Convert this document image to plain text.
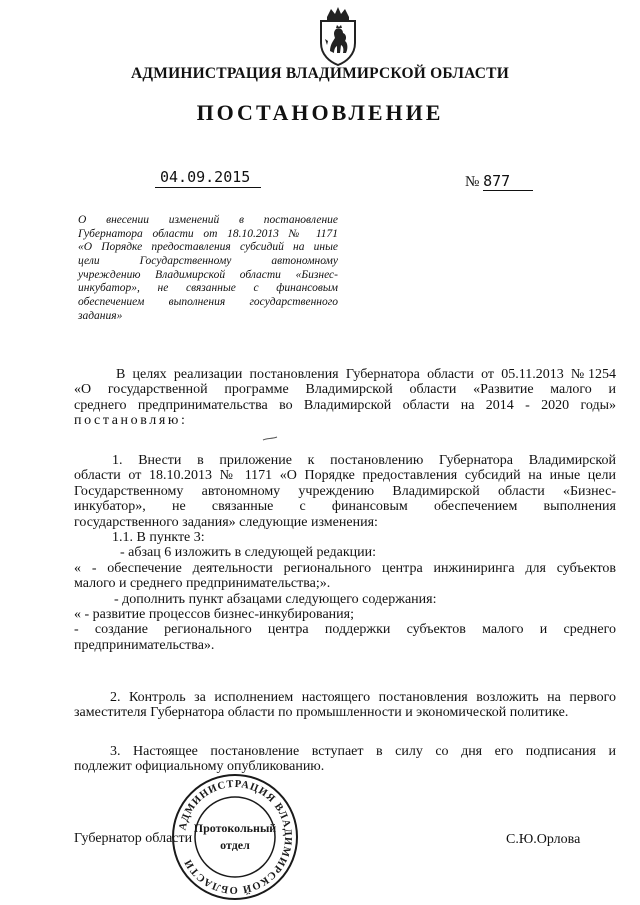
АДМИНИСТРАЦИЯ ВЛАДИМИРСКОЙ ОБЛАСТИ
ПОСТАНОВЛЕНИЕ
04.09.2015	№ 877
О внесении изменений в постановление
Губернатора области от 18.10.2013 № 1171
«О Порядке предоставления субсидий на иные
цели Государственному автономному
учреждению Владимирской области «Бизнес-
инкубатор», не связанные с финансовым
обеспечением выполнения государственного
задания»
В целях реализации постановления Губернатора области от 05.11.2013 №1254
«О государственной программе Владимирской области «Развитие малого и
среднего предпринимательства во Владимирской области на 2014 - 2020 годы»
постановляю:
1. Внести в приложение к постановлению Губернатора Владимирской
области от 18.10.2013 № 1171 «О Порядке предоставления субсидий на иные цели
Государственному автономному учреждению Владимирской области «Бизнес-
инкубатор», не связанные с финансовым обеспечением выполнения
государственного задания» следующие изменения:
1.1. В пункте 3:
- абзац 6 изложить в следующей редакции:
« - обеспечение деятельности регионального центра инжиниринга для субъектов
малого и среднего предпринимательства;».
- дополнить пункт абзацами следующего содержания:
« - развитие процессов бизнес-инкубирования;
- создание регионального центра поддержки субъектов малого и среднего
предпринимательства».
2. Контроль за исполнением настоящего постановления возложить на первого
заместителя Губернатора области по промышленности и экономической политике.
3. Настоящее постановление вступает в силу со дня его подписания и
подлежит официальному опубликованию.
Губернатор области	С.Ю.Орлова
АДМИНИСТРАЦИЯ ВЛАДИМИРСКОЙ ОБЛАСТИ
Протокольный
отдел
